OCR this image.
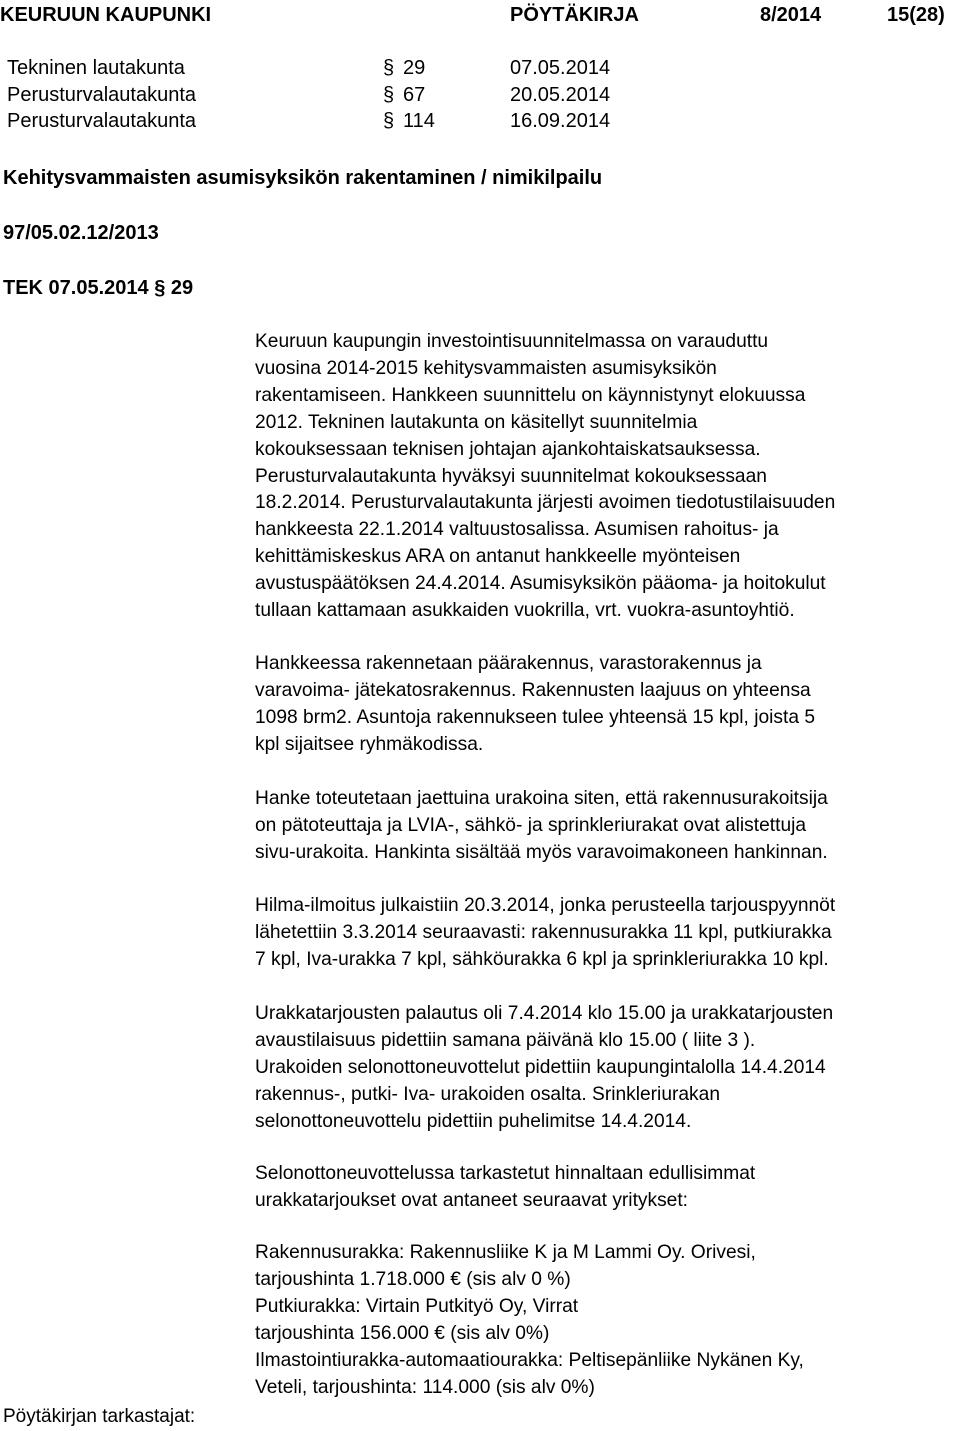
KEURUUN KAUPUNKI	PÖYTÄKIRJA	8/2014	15(28)
Tekninen lautakunta	§ 29	07.05.2014
Perusturvalautakunta	§ 67	20.05.2014
Perusturvalautakunta	§ 114	16.09.2014
Kehitysvammaisten asumisyksikön rakentaminen / nimikilpailu
97/05.02.12/2013
TEK 07.05.2014 § 29

Keuruun kaupungin investointisuunnitelmassa on varauduttu

vuosina 2014-2015 kehitysvammaisten asumisyksikön

rakentamiseen. Hankkeen suunnittelu on käynnistynyt elokuussa

2012. Tekninen lautakunta on käsitellyt suunnitelmia

kokouksessaan teknisen johtajan ajankohtaiskatsauksessa.

Perusturvalautakunta hyväksyi suunnitelmat kokouksessaan

18.2.2014. Perusturvalautakunta järjesti avoimen tiedotustilaisuuden

hankkeesta 22.1.2014 valtuustosalissa. Asumisen rahoitus- ja

kehittämiskeskus ARA on antanut hankkeelle myönteisen

avustuspäätöksen 24.4.2014. Asumisyksikön pääoma- ja hoitokulut

tullaan kattamaan asukkaiden vuokrilla, vrt. vuokra-asuntoyhtiö.

Hankkeessa rakennetaan päärakennus, varastorakennus ja

varavoima- jätekatosrakennus. Rakennusten laajuus on yhteensa

1098 brm2. Asuntoja rakennukseen tulee yhteensä 15 kpl, joista 5

kpl sijaitsee ryhmäkodissa.

Hanke toteutetaan jaettuina urakoina siten, että rakennusurakoitsija

on pätoteuttaja ja LVIA-, sähkö- ja sprinkleriurakat ovat alistettuja

sivu-urakoita. Hankinta sisältää myös varavoimakoneen hankinnan.

Hilma-ilmoitus julkaistiin 20.3.2014, jonka perusteella tarjouspyynnöt

lähetettiin 3.3.2014 seuraavasti: rakennusurakka 11 kpl, putkiurakka

7 kpl, Iva-urakka 7 kpl, sähköurakka 6 kpl ja sprinkleriurakka 10 kpl.

Urakkatarjousten palautus oli 7.4.2014 klo 15.00 ja urakkatarjousten

avaustilaisuus pidettiin samana päivänä klo 15.00 ( liite 3 ).

Urakoiden selonottoneuvottelut pidettiin kaupungintalolla 14.4.2014

rakennus-, putki- Iva- urakoiden osalta. Srinkleriurakan

selonottoneuvottelu pidettiin puhelimitse 14.4.2014.

Selonottoneuvottelussa tarkastetut hinnaltaan edullisimmat

urakkatarjoukset ovat antaneet seuraavat yritykset:

Rakennusurakka: Rakennusliike K ja M Lammi Oy. Orivesi,

tarjoushinta 1.718.000 € (sis alv 0 %)

Putkiurakka: Virtain Putkityö Oy, Virrat

tarjoushinta 156.000 € (sis alv 0%)

Ilmastointiurakka-automaatiourakka: Peltisepänliike Nykänen Ky,

Veteli, tarjoushinta: 114.000 (sis alv 0%)

Pöytäkirjan tarkastajat:
